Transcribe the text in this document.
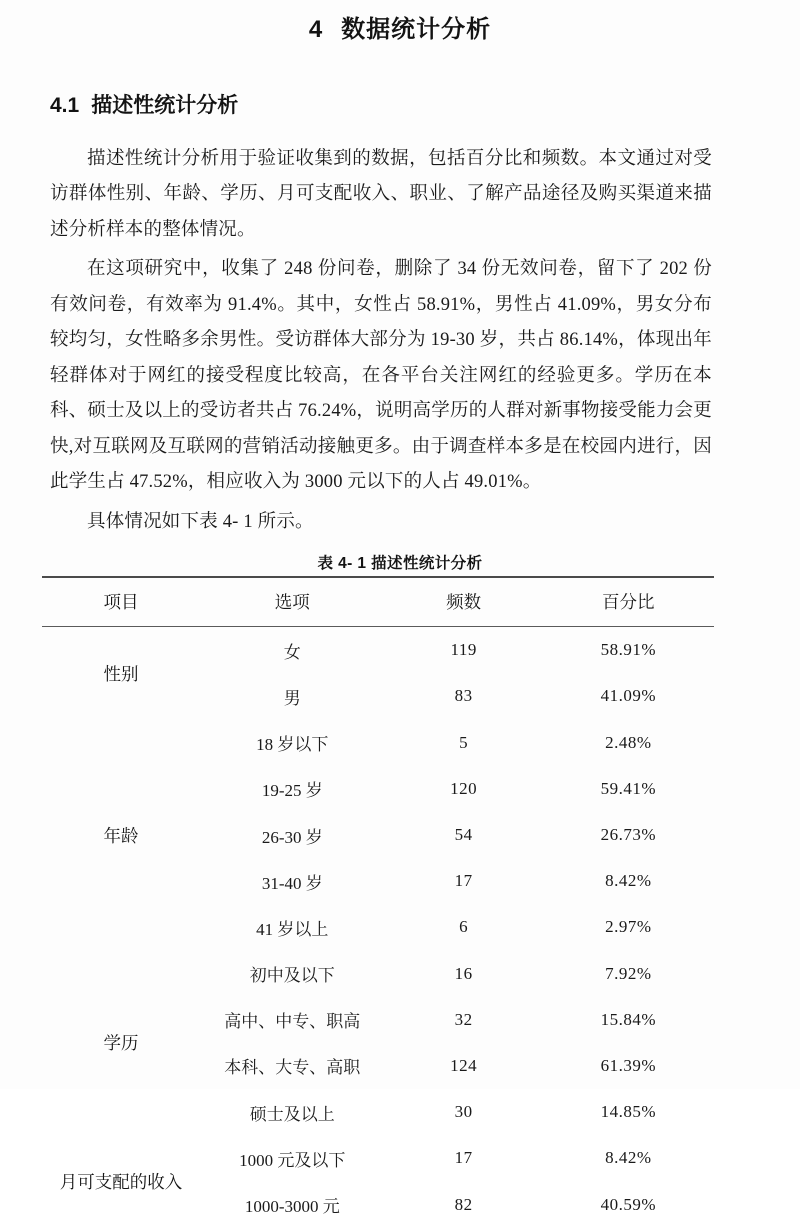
4 数据统计分析
4.1 描述性统计分析

描述性统计分析用于验证收集到的数据，包括百分比和频数。本文通过对受访群体性别、年龄、学历、月可支配收入、职业、了解产品途径及购买渠道来描述分析样本的整体情况。

在这项研究中，收集了 248 份问卷，删除了 34 份无效问卷，留下了 202 份有效问卷，有效率为 91.4%。其中，女性占 58.91%，男性占 41.09%，男女分布较均匀，女性略多余男性。受访群体大部分为 19-30 岁，共占 86.14%，体现出年轻群体对于网红的接受程度比较高，在各平台关注网红的经验更多。学历在本科、硕士及以上的受访者共占 76.24%，说明高学历的人群对新事物接受能力会更快,对互联网及互联网的营销活动接触更多。由于调查样本多是在校园内进行，因此学生占 47.52%，相应收入为 3000 元以下的人占 49.01%。

具体情况如下表 4- 1 所示。

表 4- 1 描述性统计分析
项目	选项	频数	百分比
性别	女	119	58.91%
	男	83	41.09%
年龄	18 岁以下	5	2.48%
	19-25 岁	120	59.41%
	26-30 岁	54	26.73%
	31-40 岁	17	8.42%
	41 岁以上	6	2.97%
学历	初中及以下	16	7.92%
	高中、中专、职高	32	15.84%
	本科、大专、高职	124	61.39%
	硕士及以上	30	14.85%
月可支配的收入	1000 元及以下	17	8.42%
	1000-3000 元	82	40.59%
